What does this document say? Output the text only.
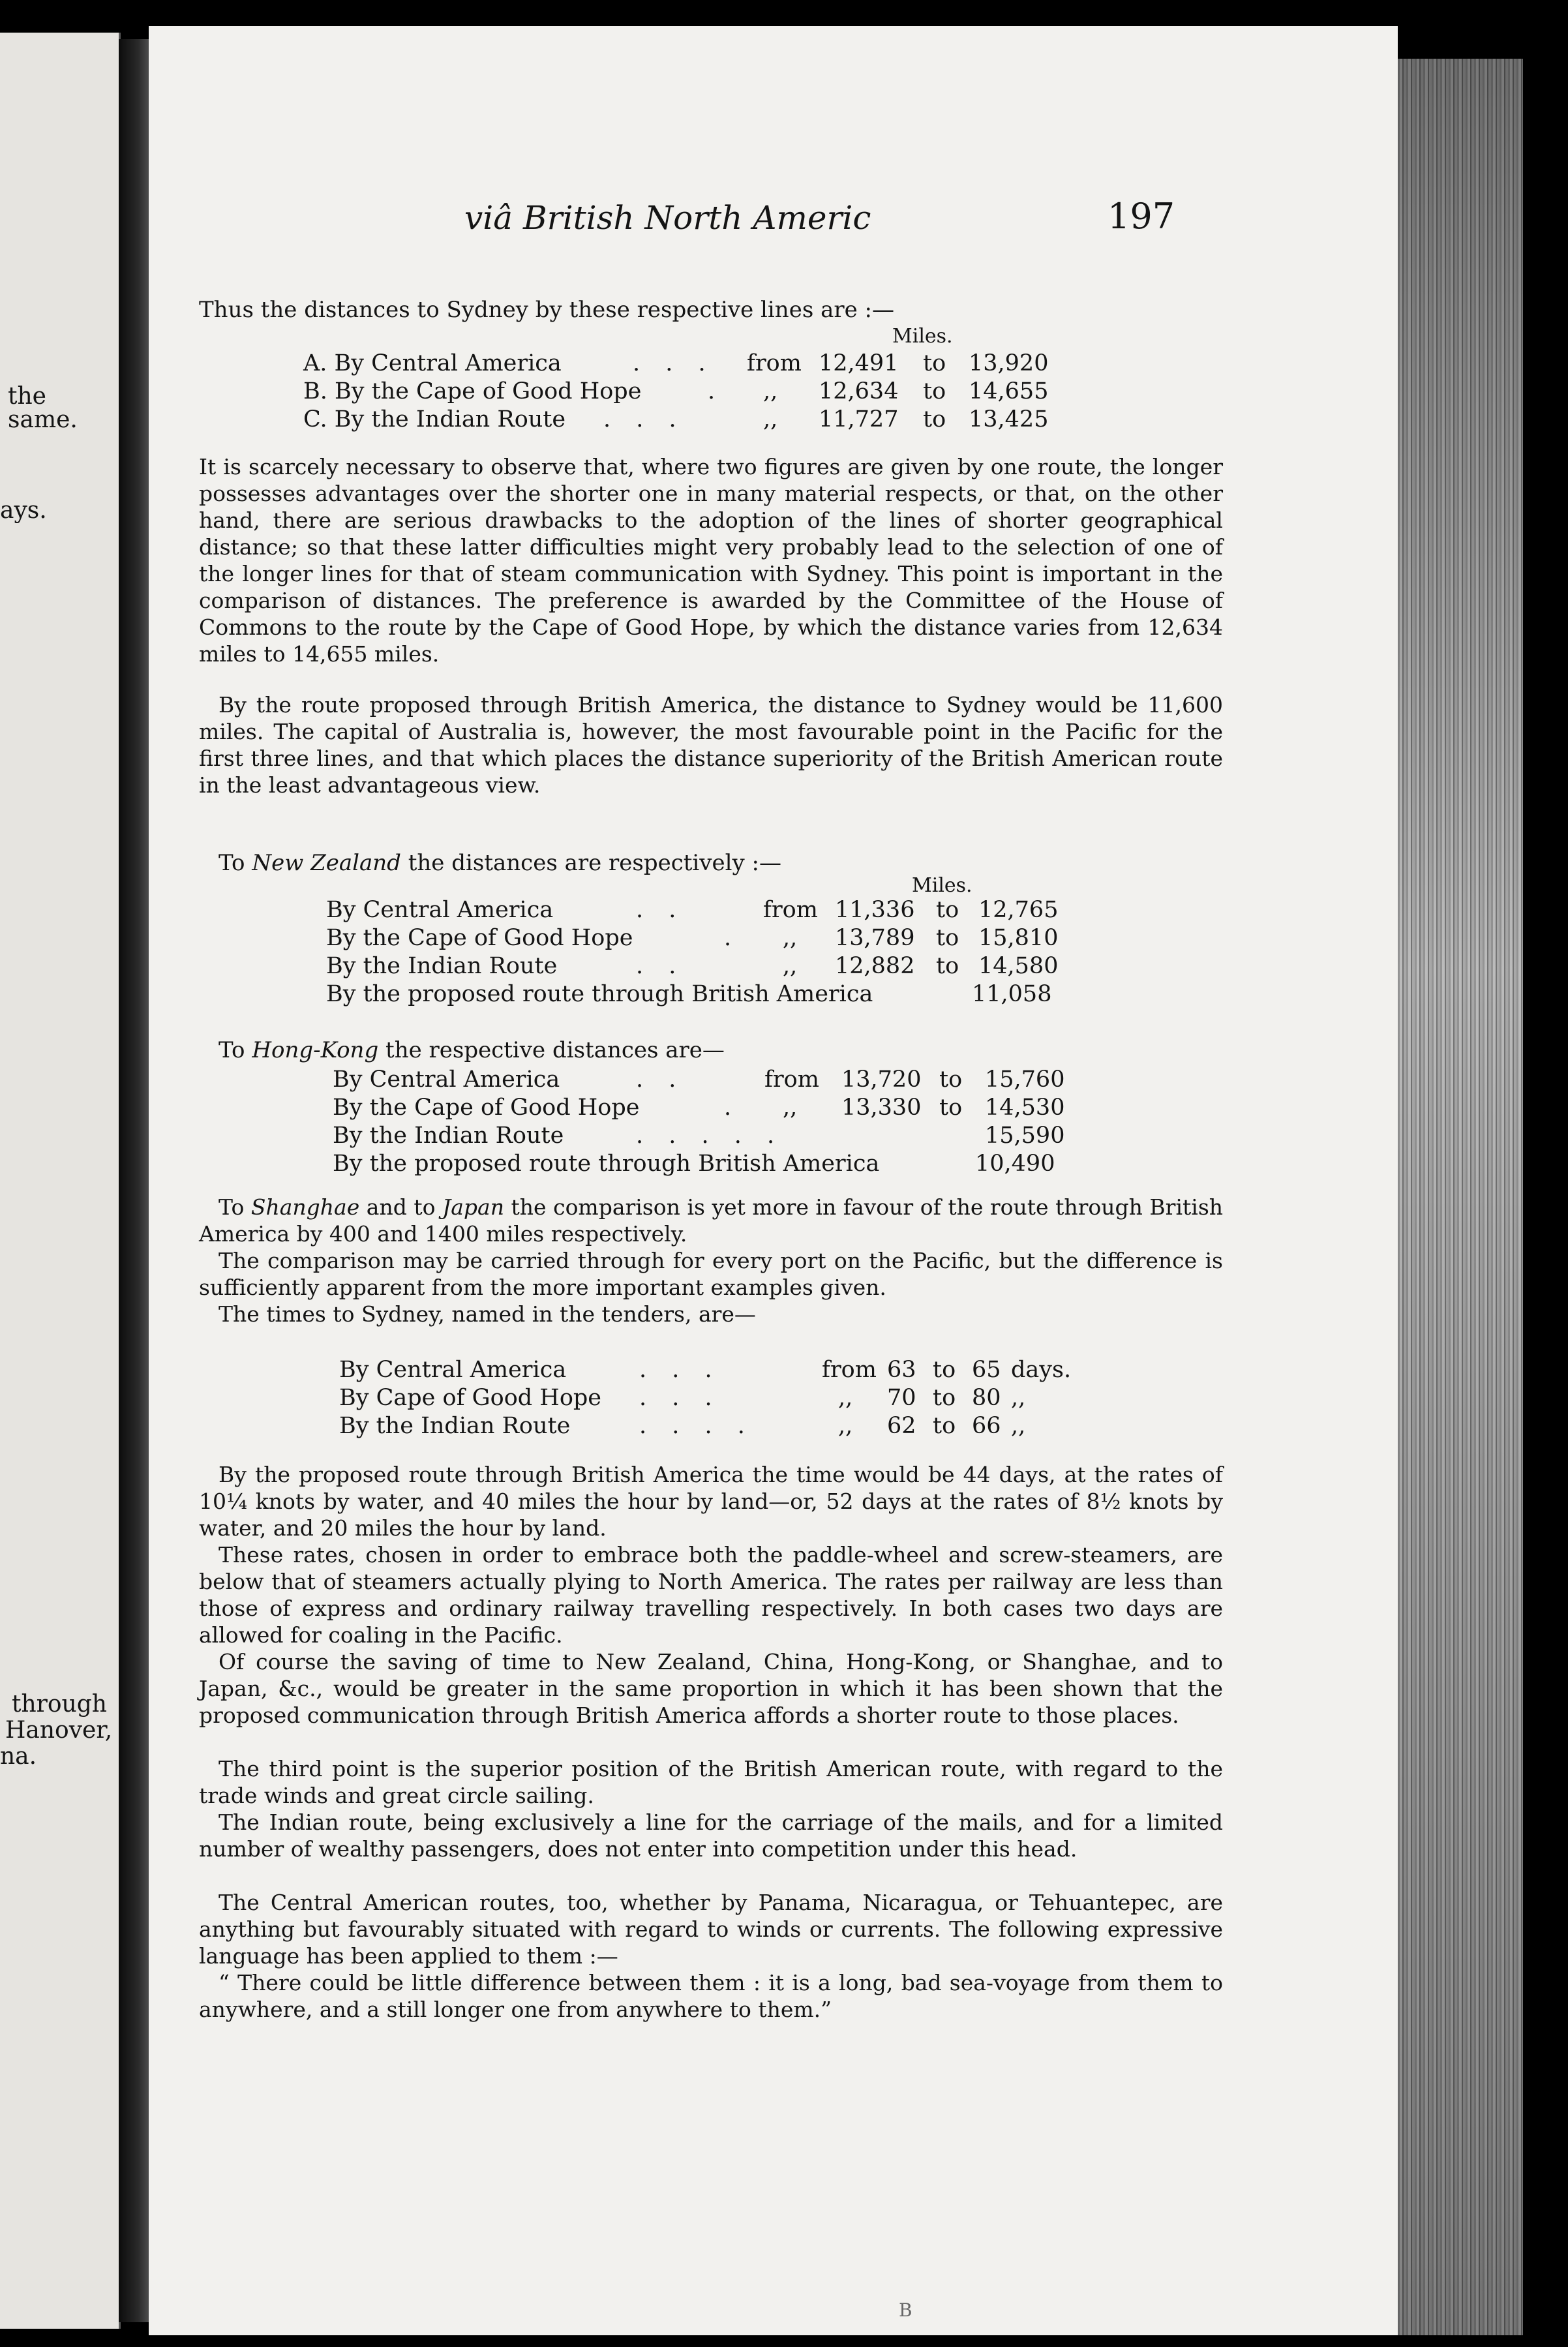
the same.
ays.
through
Hanover,
na.
viâ British North Americ	197
Thus the distances to Sydney by these respective lines are :—
Miles.
A. By Central America	. . . from 12,491 to 13,920
B. By the Cape of Good Hope	. ,, 12,634 to 14,655
C. By the Indian Route . . .	,, 11,727 to 13,425

It is scarcely necessary to observe that, where two figures are given by one route, the longer possesses advantages over the shorter one in many material respects, or that, on the other hand, there are serious drawbacks to the adoption of the lines of shorter geographical distance; so that these latter difficulties might very probably lead to the selection of one of the longer lines for that of steam communication with Sydney. This point is important in the comparison of distances. The preference is awarded by the Committee of the House of Commons to the route by the Cape of Good Hope, by which the distance varies from 12,634 miles to 14,655 miles.

By the route proposed through British America, the distance to Sydney would be 11,600 miles. The capital of Australia is, however, the most favourable point in the Pacific for the first three lines, and that which places the distance superiority of the British American route in the least advantageous view.

To New Zealand the distances are respectively :—
Miles.
By Central America	. .	from 11,336 to 12,765
By the Cape of Good Hope	. ,, 13,789 to 15,810
By the Indian Route	. .	,, 12,882 to 14,580
By the proposed route through British America	11,058
To Hong-Kong the respective distances are—
By Central America	. .	from 13,720 to 15,760
By the Cape of Good Hope	. ,, 13,330 to 14,530
By the Indian Route	. . . . .	15,590
By the proposed route through British America	10,490

To Shanghae and to Japan the comparison is yet more in favour of the route through British America by 400 and 1400 miles respectively.

The comparison may be carried through for every port on the Pacific, but the difference is sufficiently apparent from the more important examples given.

The times to Sydney, named in the tenders, are—

By Central America	. . .	from 63 to 65 days.
By Cape of Good Hope . . .	,, 70 to 80 ,,
By the Indian Route	. . . .	,, 62 to 66 ,,

By the proposed route through British America the time would be 44 days, at the rates of 10¼ knots by water, and 40 miles the hour by land—or, 52 days at the rates of 8½ knots by water, and 20 miles the hour by land.

These rates, chosen in order to embrace both the paddle-wheel and screw-steamers, are below that of steamers actually plying to North America. The rates per railway are less than those of express and ordinary railway travelling respectively. In both cases two days are allowed for coaling in the Pacific.

Of course the saving of time to New Zealand, China, Hong-Kong, or Shanghae, and to Japan, &c., would be greater in the same proportion in which it has been shown that the proposed communication through British America affords a shorter route to those places.

The third point is the superior position of the British American route, with regard to the trade winds and great circle sailing.

The Indian route, being exclusively a line for the carriage of the mails, and for a limited number of wealthy passengers, does not enter into competition under this head.

The Central American routes, too, whether by Panama, Nicaragua, or Tehuantepec, are anything but favourably situated with regard to winds or currents. The following expressive language has been applied to them :—

“ There could be little difference between them : it is a long, bad sea-voyage from them to anywhere, and a still longer one from anywhere to them.”

B
